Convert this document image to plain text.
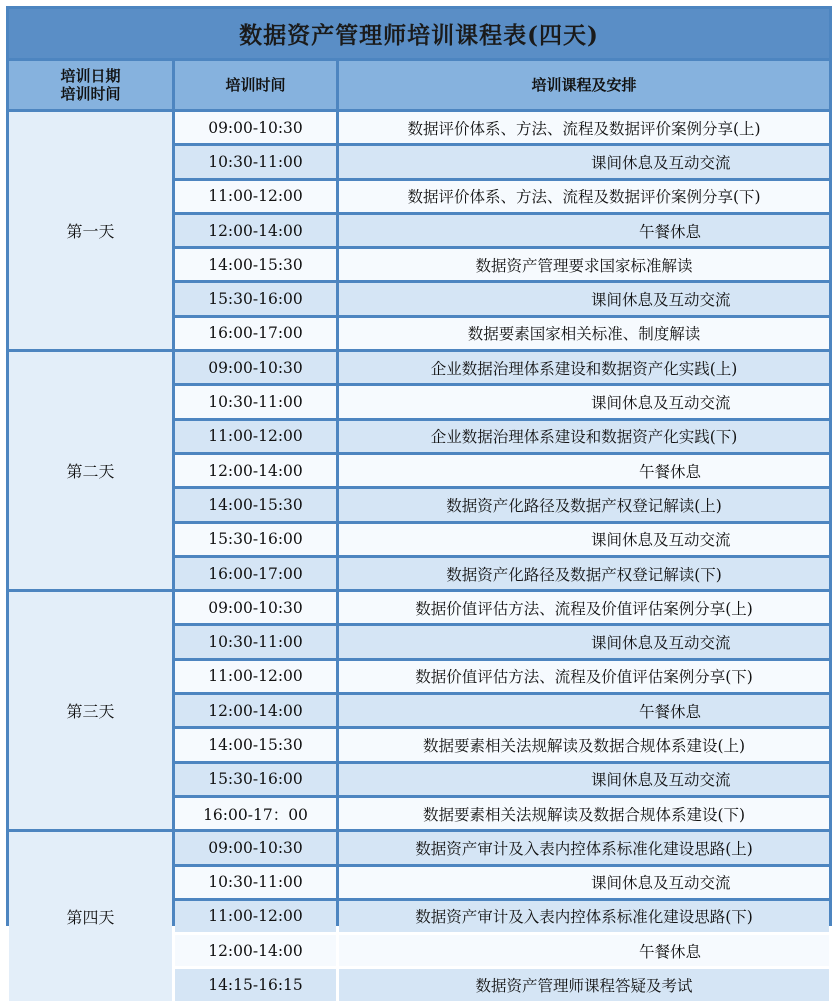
数据资产管理师培训课程表(四天)
培训日期
培训时间	培训时间	培训课程及安排
第一天
09:00-10:30	数据评价体系、方法、流程及数据评价案例分享(上)
10:30-11:00	课间休息及互动交流
11:00-12:00	数据评价体系、方法、流程及数据评价案例分享(下)
12:00-14:00	午餐休息
14:00-15:30	数据资产管理要求国家标准解读
15:30-16:00	课间休息及互动交流
16:00-17:00	数据要素国家相关标准、制度解读
第二天
09:00-10:30	企业数据治理体系建设和数据资产化实践(上)
10:30-11:00	课间休息及互动交流
11:00-12:00	企业数据治理体系建设和数据资产化实践(下)
12:00-14:00	午餐休息
14:00-15:30	数据资产化路径及数据产权登记解读(上)
15:30-16:00	课间休息及互动交流
16:00-17:00	数据资产化路径及数据产权登记解读(下)
第三天
09:00-10:30	数据价值评估方法、流程及价值评估案例分享(上)
10:30-11:00	课间休息及互动交流
11:00-12:00	数据价值评估方法、流程及价值评估案例分享(下)
12:00-14:00	午餐休息
14:00-15:30	数据要素相关法规解读及数据合规体系建设(上)
15:30-16:00	课间休息及互动交流
16:00-17：00	数据要素相关法规解读及数据合规体系建设(下)
第四天
09:00-10:30	数据资产审计及入表内控体系标准化建设思路(上)
10:30-11:00	课间休息及互动交流
11:00-12:00	数据资产审计及入表内控体系标准化建设思路(下)
12:00-14:00	午餐休息
14:15-16:15	数据资产管理师课程答疑及考试
